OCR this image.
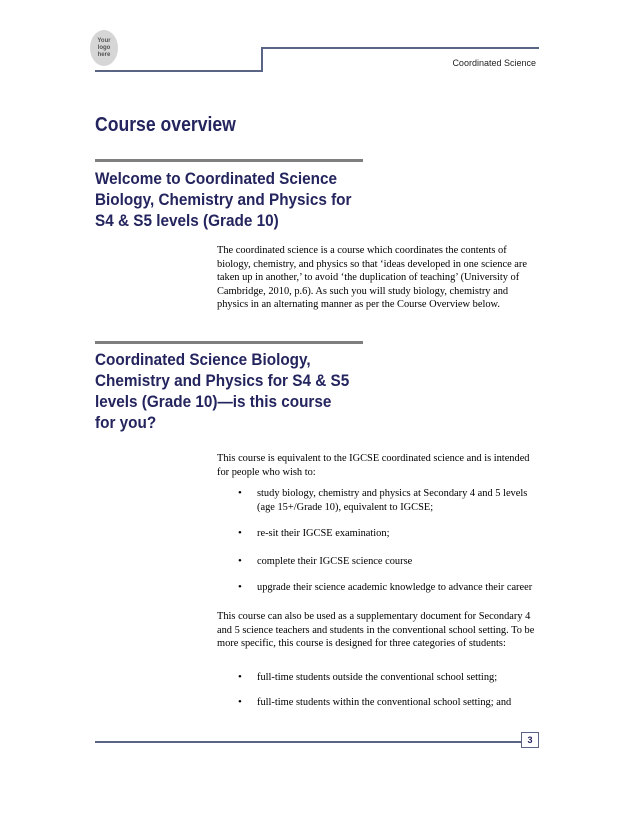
Your
logo
here
Coordinated Science
Course overview
Welcome to Coordinated Science Biology, Chemistry and Physics for S4 & S5 levels (Grade 10)

The coordinated science is a course which coordinates the contents of biology, chemistry, and physics so that ‘ideas developed in one science are taken up in another,’ to avoid ‘the duplication of teaching’ (University of Cambridge, 2010, p.6). As such you will study biology, chemistry and physics in an alternating manner as per the Course Overview below.

Coordinated Science Biology, Chemistry and Physics for S4 & S5 levels (Grade 10)—is this course for you?

This course is equivalent to the IGCSE coordinated science and is intended for people who wish to:

• study biology, chemistry and physics at Secondary 4 and 5 levels (age 15+/Grade 10), equivalent to IGCSE;
• re-sit their IGCSE examination;
• complete their IGCSE science course
• upgrade their science academic knowledge to advance their career

This course can also be used as a supplementary document for Secondary 4 and 5 science teachers and students in the conventional school setting. To be more specific, this course is designed for three categories of students:

• full-time students outside the conventional school setting;
• full-time students within the conventional school setting; and
3
